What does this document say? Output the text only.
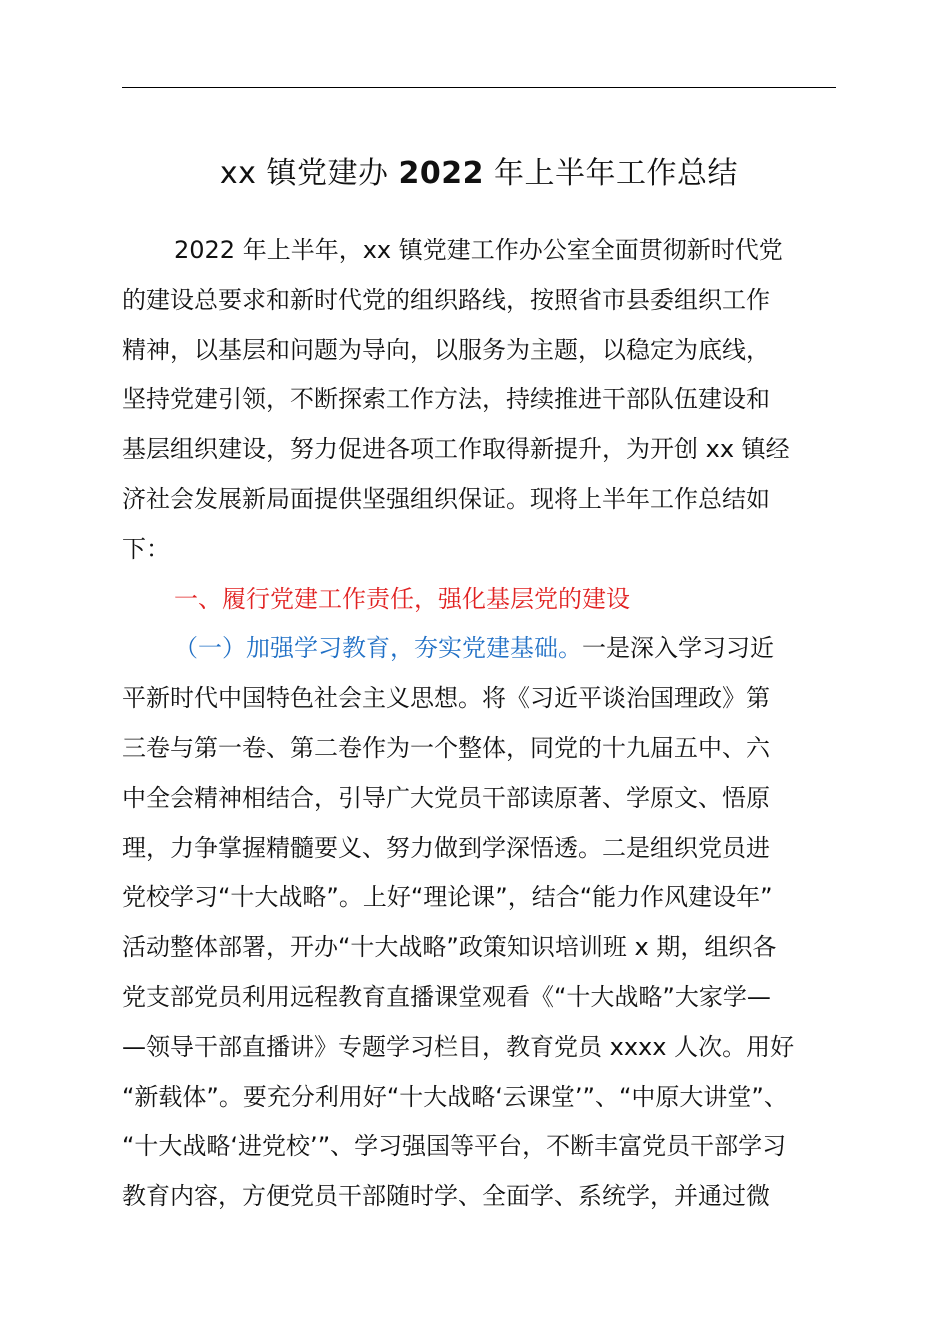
xx 镇党建办 2022 年上半年工作总结
2022 年上半年，xx 镇党建工作办公室全面贯彻新时代党
的建设总要求和新时代党的组织路线，按照省市县委组织工作
精神，以基层和问题为导向，以服务为主题，以稳定为底线，
坚持党建引领，不断探索工作方法，持续推进干部队伍建设和
基层组织建设，努力促进各项工作取得新提升，为开创 xx 镇经
济社会发展新局面提供坚强组织保证。现将上半年工作总结如
下：
一、履行党建工作责任，强化基层党的建设
（一）加强学习教育，夯实党建基础。一是深入学习习近
平新时代中国特色社会主义思想。将《习近平谈治国理政》第
三卷与第一卷、第二卷作为一个整体，同党的十九届五中、六
中全会精神相结合，引导广大党员干部读原著、学原文、悟原
理，力争掌握精髓要义、努力做到学深悟透。二是组织党员进
党校学习“十大战略”。上好“理论课”，结合“能力作风建设年”
活动整体部署，开办“十大战略”政策知识培训班 x 期，组织各
党支部党员利用远程教育直播课堂观看《“十大战略”大家学—
—领导干部直播讲》专题学习栏目，教育党员 xxxx 人次。用好
“新载体”。要充分利用好“十大战略‘云课堂’”、“中原大讲堂”、
“十大战略‘进党校’”、学习强国等平台，不断丰富党员干部学习
教育内容，方便党员干部随时学、全面学、系统学，并通过微
